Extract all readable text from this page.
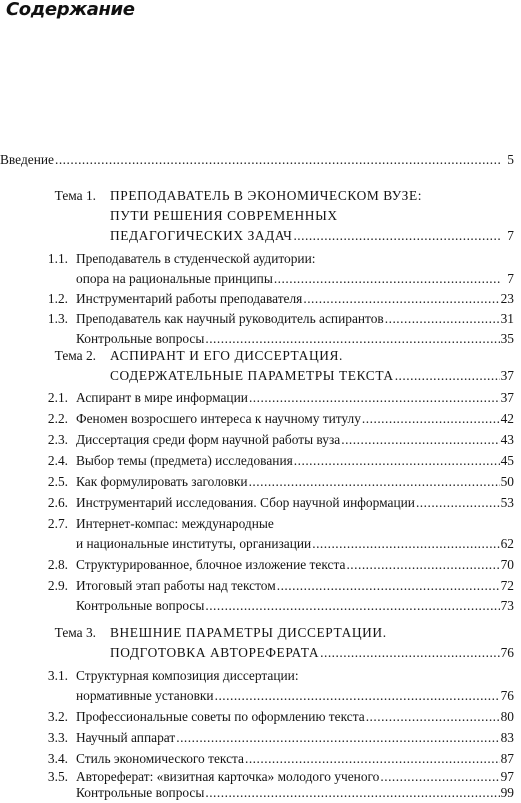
Содержание
Введение .....	5
Тема 1. ПРЕПОДАВАТЕЛЬ В ЭКОНОМИЧЕСКОМ ВУЗЕ:
ПУТИ РЕШЕНИЯ СОВРЕМЕННЫХ
ПЕДАГОГИЧЕСКИХ ЗАДАЧ .....	7
1.1. Преподаватель в студенческой аудитории:
опора на рациональные принципы .....	7
1.2. Инструментарий работы преподавателя .....	23
1.3. Преподаватель как научный руководитель аспирантов .....	31
Контрольные вопросы .....	35
Тема 2. АСПИРАНТ И ЕГО ДИССЕРТАЦИЯ.
СОДЕРЖАТЕЛЬНЫЕ ПАРАМЕТРЫ ТЕКСТА .....	37
2.1. Аспирант в мире информации .....	37
2.2. Феномен возросшего интереса к научному титулу .....	42
2.3. Диссертация среди форм научной работы вуза .....	43
2.4. Выбор темы (предмета) исследования .....	45
2.5. Как формулировать заголовки .....	50
2.6. Инструментарий исследования. Сбор научной информации .....	53
2.7. Интернет-компас: международные
и национальные институты, организации .....	62
2.8. Структурированное, блочное изложение текста .....	70
2.9. Итоговый этап работы над текстом .....	72
Контрольные вопросы .....	73
Тема 3. ВНЕШНИЕ ПАРАМЕТРЫ ДИССЕРТАЦИИ.
ПОДГОТОВКА АВТОРЕФЕРАТА .....	76
3.1. Структурная композиция диссертации:
нормативные установки .....	76
3.2. Профессиональные советы по оформлению текста .....	80
3.3. Научный аппарат .....	83
3.4. Стиль экономического текста .....	87
3.5. Автореферат: «визитная карточка» молодого ученого .....	97
Контрольные вопросы .....	99
